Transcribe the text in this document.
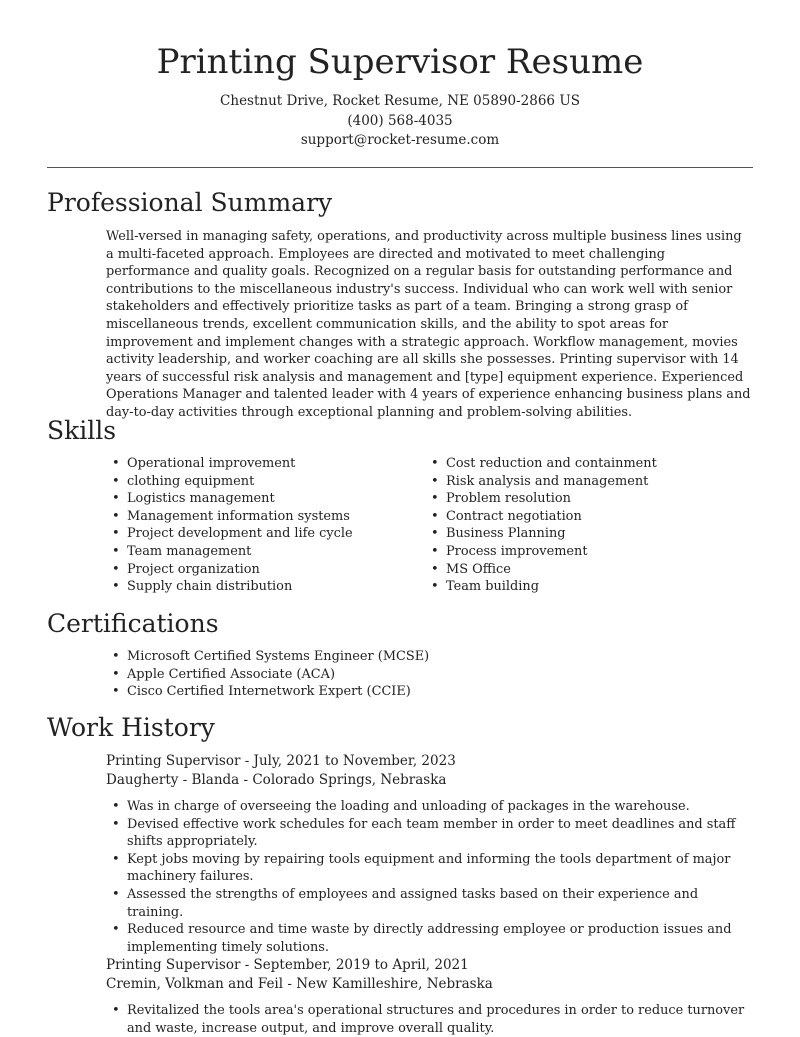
Printing Supervisor Resume
Chestnut Drive, Rocket Resume, NE 05890-2866 US
(400) 568-4035
support@rocket-resume.com
Professional Summary

Well-versed in managing safety, operations, and productivity across multiple business lines using a multi-faceted approach. Employees are directed and motivated to meet challenging performance and quality goals. Recognized on a regular basis for outstanding performance and contributions to the miscellaneous industry's success. Individual who can work well with senior stakeholders and effectively prioritize tasks as part of a team. Bringing a strong grasp of miscellaneous trends, excellent communication skills, and the ability to spot areas for improvement and implement changes with a strategic approach. Workflow management, movies activity leadership, and worker coaching are all skills she possesses. Printing supervisor with 14 years of successful risk analysis and management and [type] equipment experience. Experienced Operations Manager and talented leader with 4 years of experience enhancing business plans and day-to-day activities through exceptional planning and problem-solving abilities.

Skills
• Operational improvement
• clothing equipment
• Logistics management
• Management information systems
• Project development and life cycle
• Team management
• Project organization
• Supply chain distribution
• Cost reduction and containment
• Risk analysis and management
• Problem resolution
• Contract negotiation
• Business Planning
• Process improvement
• MS Office
• Team building
Certifications
• Microsoft Certified Systems Engineer (MCSE)
• Apple Certified Associate (ACA)
• Cisco Certified Internetwork Expert (CCIE)
Work History
Printing Supervisor - July, 2021 to November, 2023
Daugherty - Blanda - Colorado Springs, Nebraska
• Was in charge of overseeing the loading and unloading of packages in the warehouse.
• Devised effective work schedules for each team member in order to meet deadlines and staff shifts appropriately.
• Kept jobs moving by repairing tools equipment and informing the tools department of major machinery failures.
• Assessed the strengths of employees and assigned tasks based on their experience and training.
• Reduced resource and time waste by directly addressing employee or production issues and implementing timely solutions.
Printing Supervisor - September, 2019 to April, 2021
Cremin, Volkman and Feil - New Kamilleshire, Nebraska
• Revitalized the tools area's operational structures and procedures in order to reduce turnover and waste, increase output, and improve overall quality.
